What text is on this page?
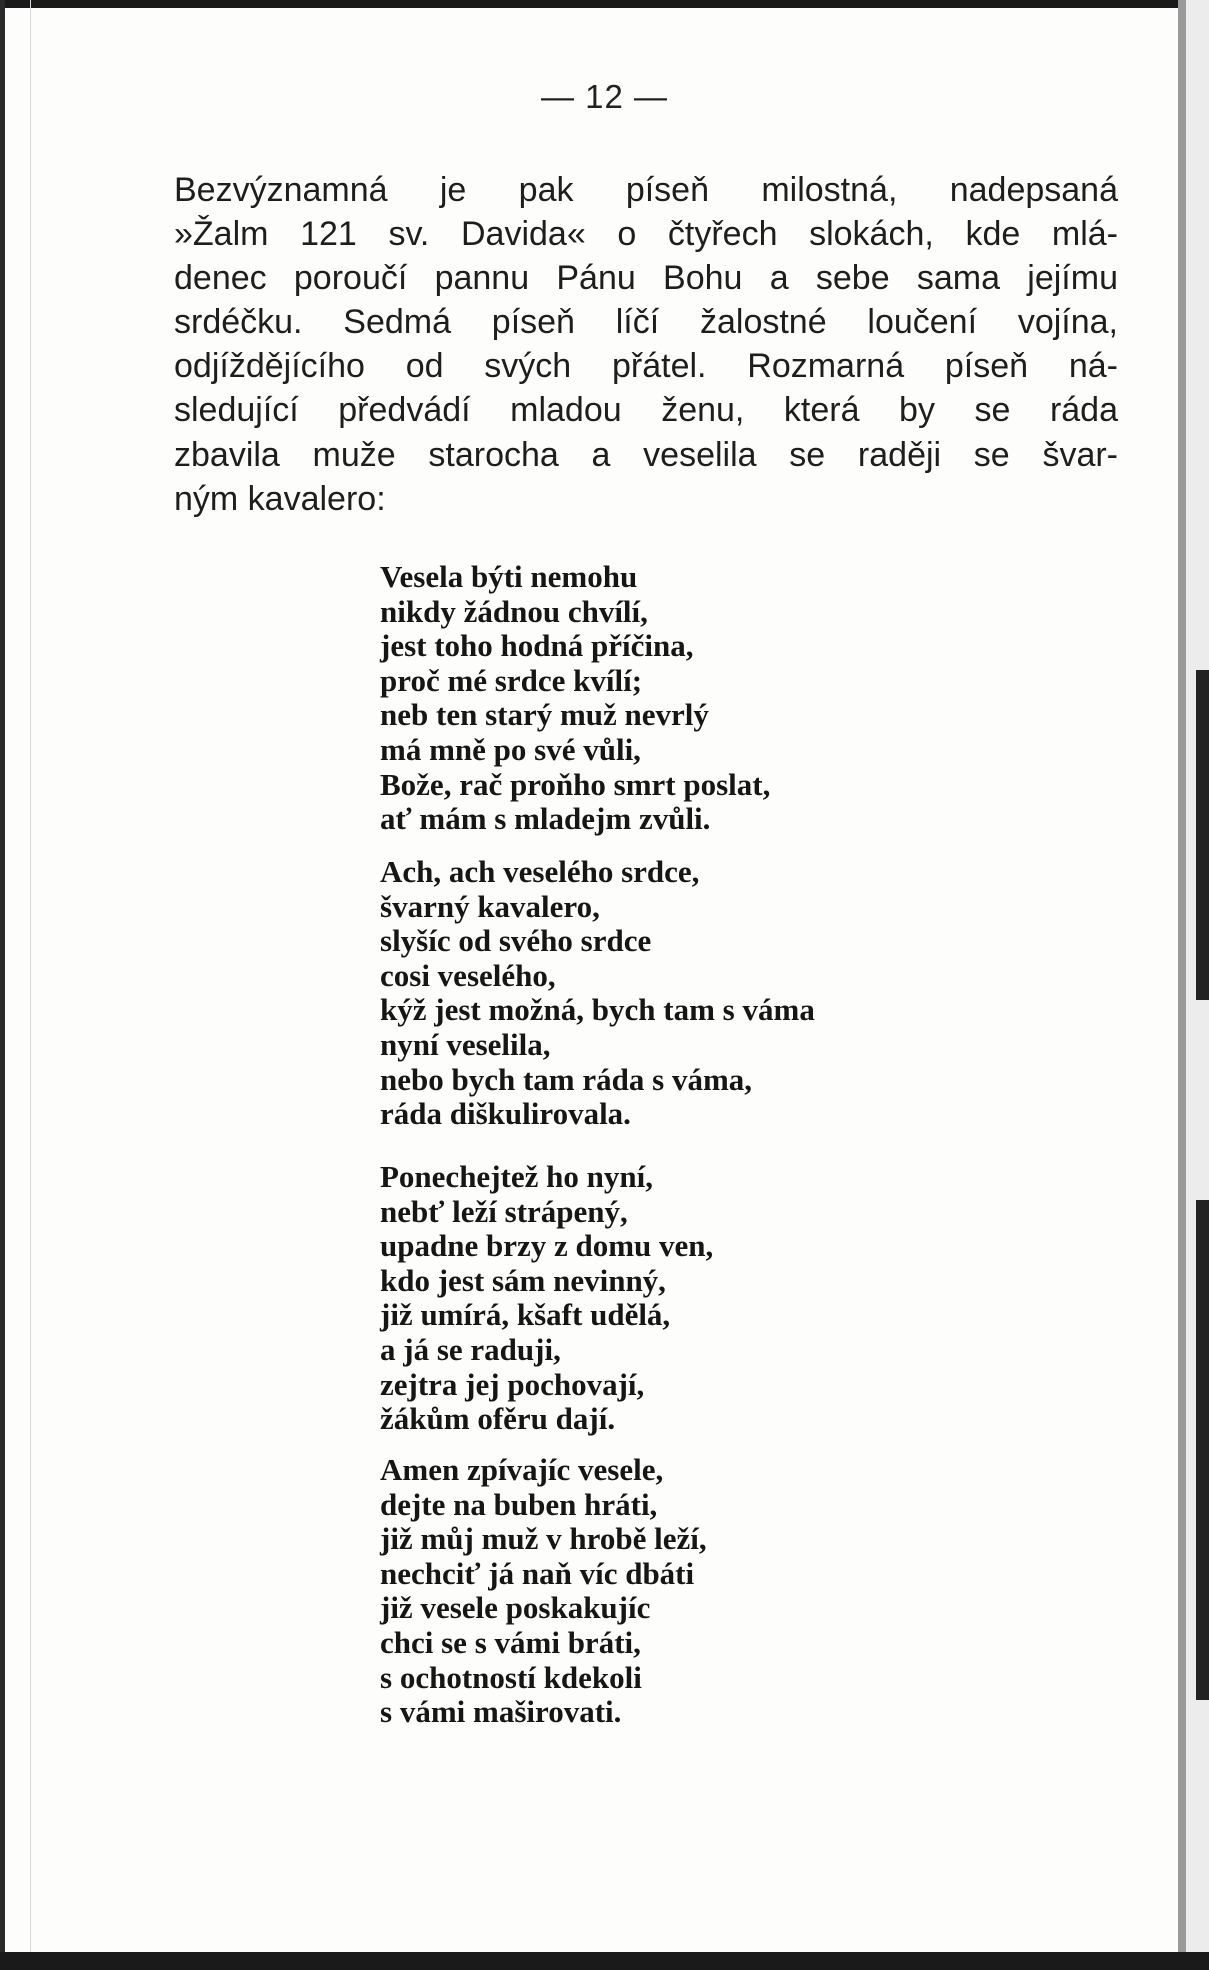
— 12 —
Bezvýznamná je pak píseň milostná, nadepsaná
»Žalm 121 sv. Davida« o čtyřech slokách, kde mlá-
denec poroučí pannu Pánu Bohu a sebe sama jejímu
srdéčku. Sedmá píseň líčí žalostné loučení vojína,
odjíždějícího od svých přátel. Rozmarná píseň ná-
sledující předvádí mladou ženu, která by se ráda
zbavila muže starocha a veselila se raději se švar-
ným kavalero:
Vesela býti nemohu
nikdy žádnou chvílí,
jest toho hodná příčina,
proč mé srdce kvílí;
neb ten starý muž nevrlý
má mně po své vůli,
Bože, rač proňho smrt poslat,
ať mám s mladejm zvůli.
Ach, ach veselého srdce,
švarný kavalero,
slyšíc od svého srdce
cosi veselého,
kýž jest možná, bych tam s váma
nyní veselila,
nebo bych tam ráda s váma,
ráda diškulirovala.
Ponechejtež ho nyní,
nebť leží strápený,
upadne brzy z domu ven,
kdo jest sám nevinný,
již umírá, kšaft udělá,
a já se raduji,
zejtra jej pochovají,
žákům ofěru dají.
Amen zpívajíc vesele,
dejte na buben hráti,
již můj muž v hrobě leží,
nechciť já naň víc dbáti
již vesele poskakujíc
chci se s vámi bráti,
s ochotností kdekoli
s vámi maširovati.
